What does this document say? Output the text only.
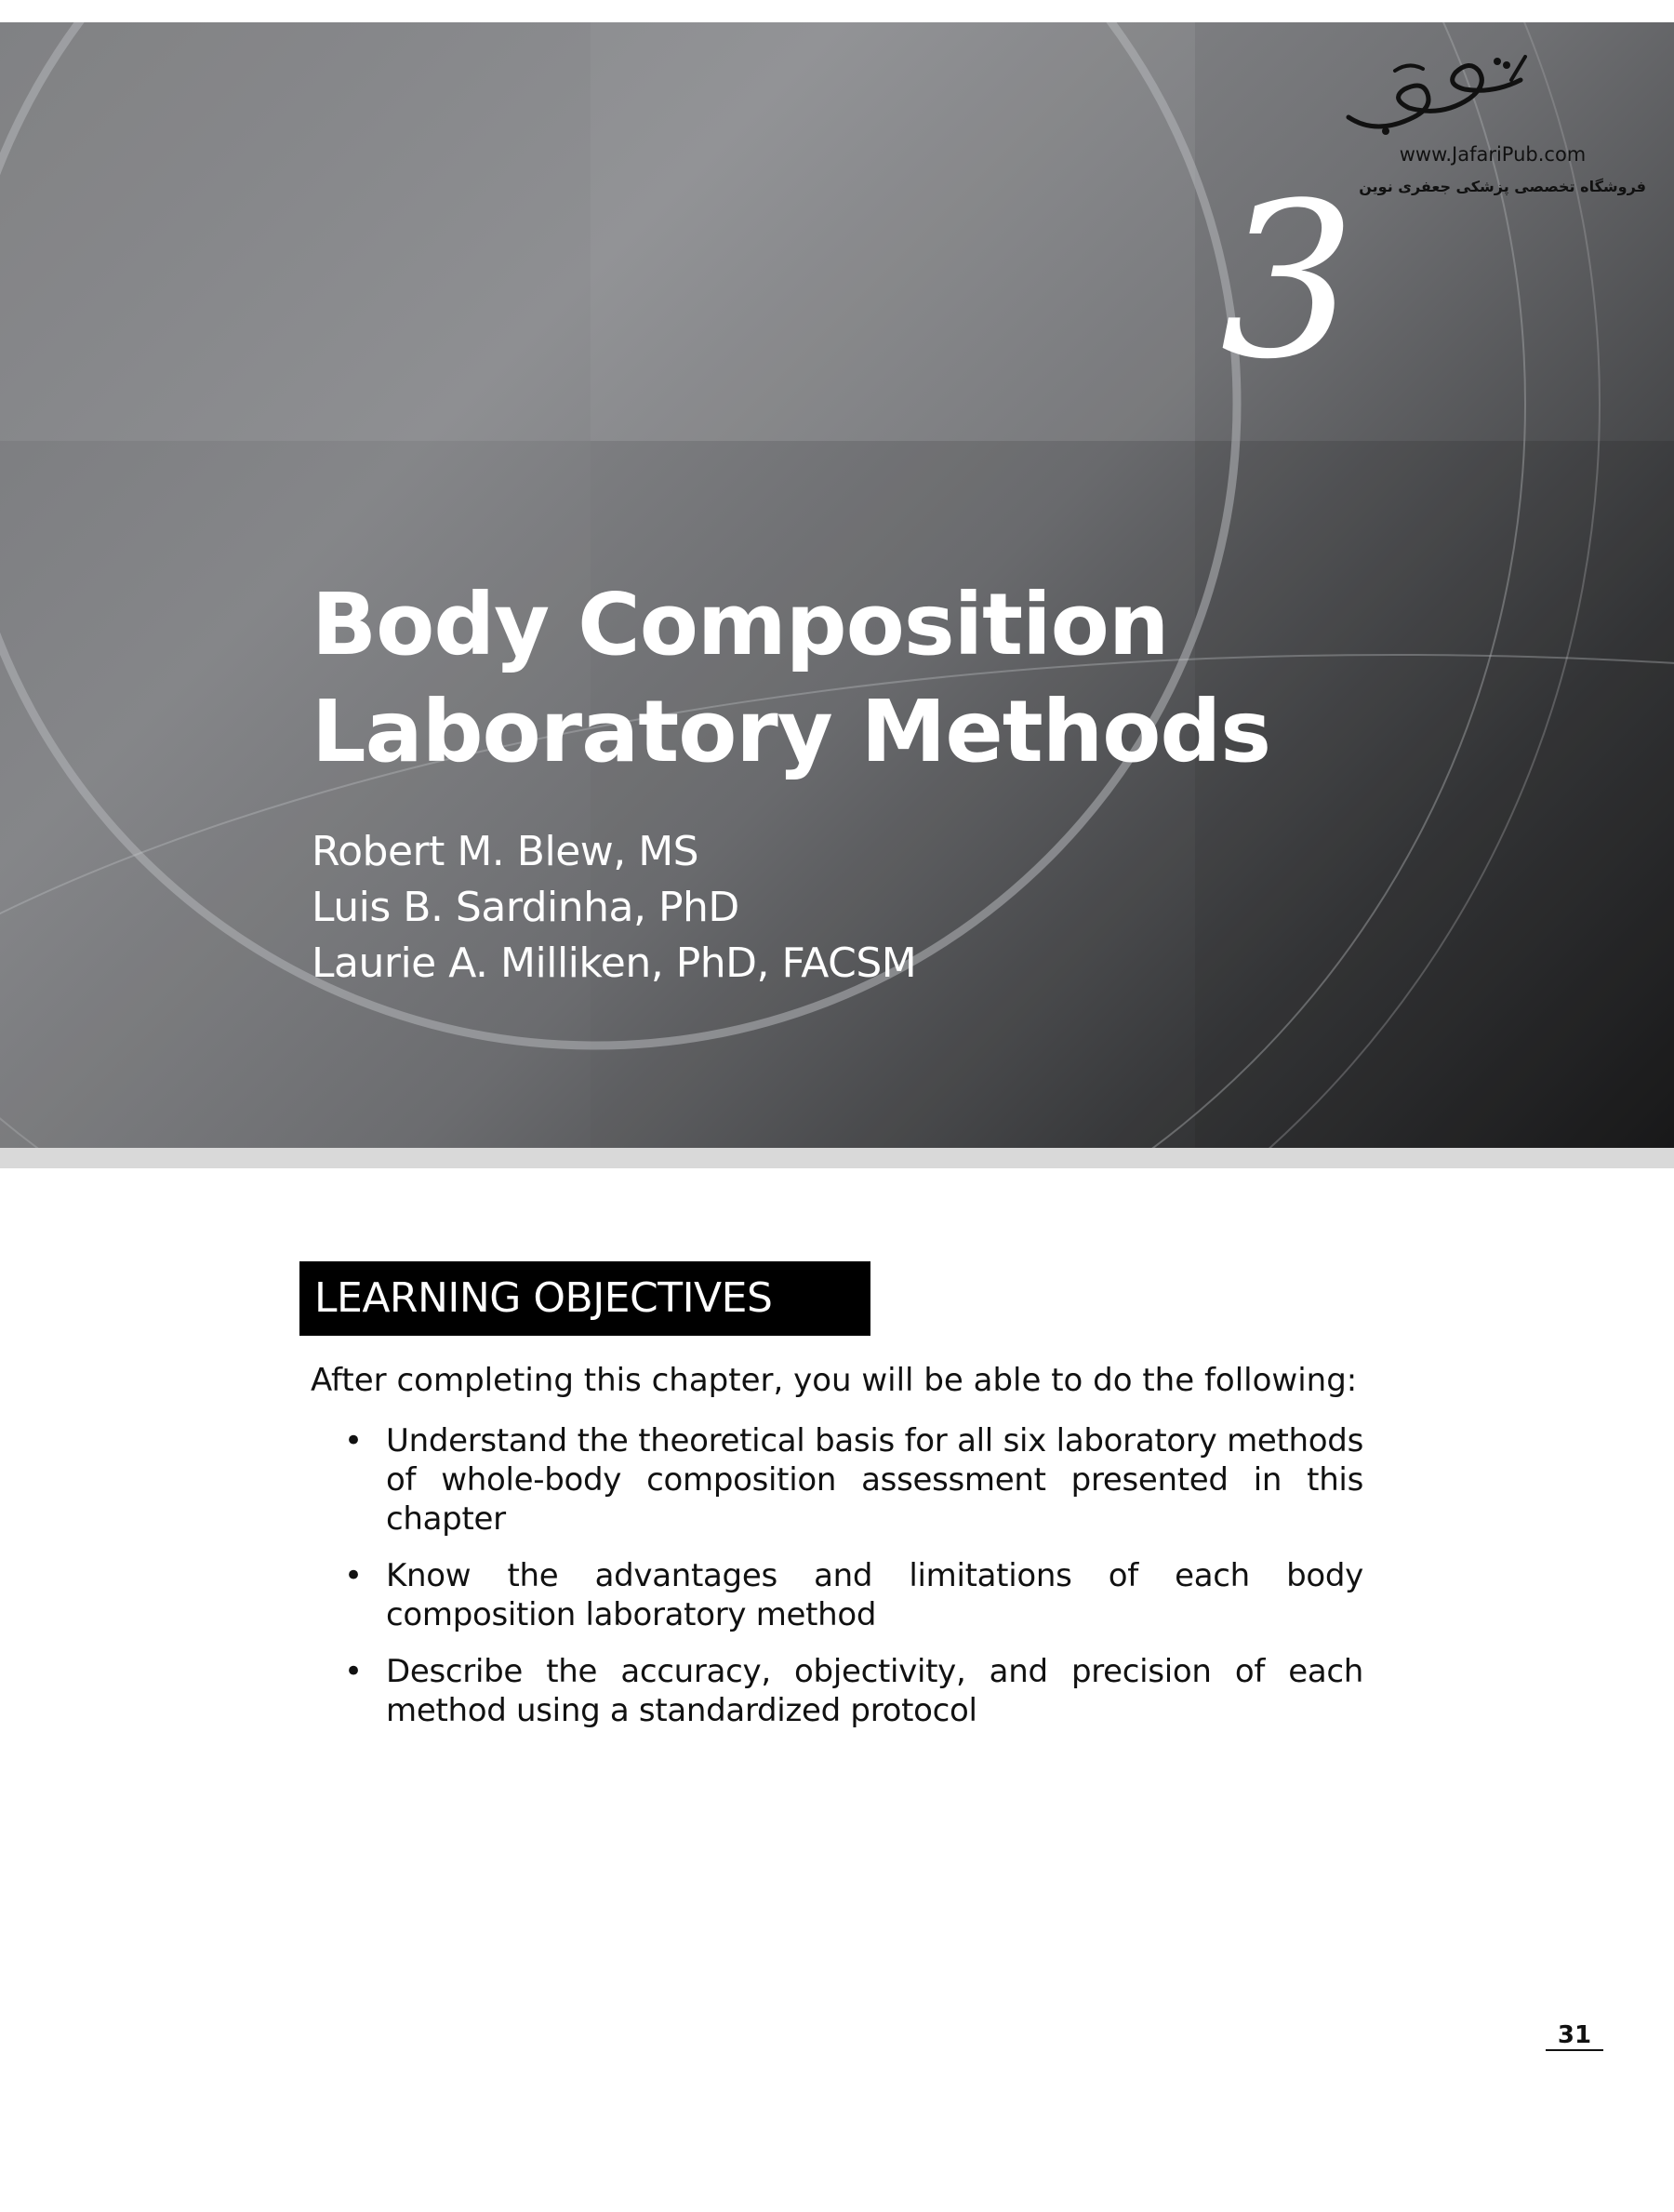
www.JafariPub.com
فروشگاه تخصصی پزشکی جعفری نوین
3
Body Composition
Laboratory Methods
Robert M. Blew, MS
Luis B. Sardinha, PhD
Laurie A. Milliken, PhD, FACSM
LEARNING OBJECTIVES

After completing this chapter, you will be able to do the following:

• Understand the theoretical basis for all six laboratory methods of whole-body composition assessment presented in this chapter
• Know the advantages and limitations of each body composition laboratory method
• Describe the accuracy, objectivity, and precision of each method using a standardized protocol
31
